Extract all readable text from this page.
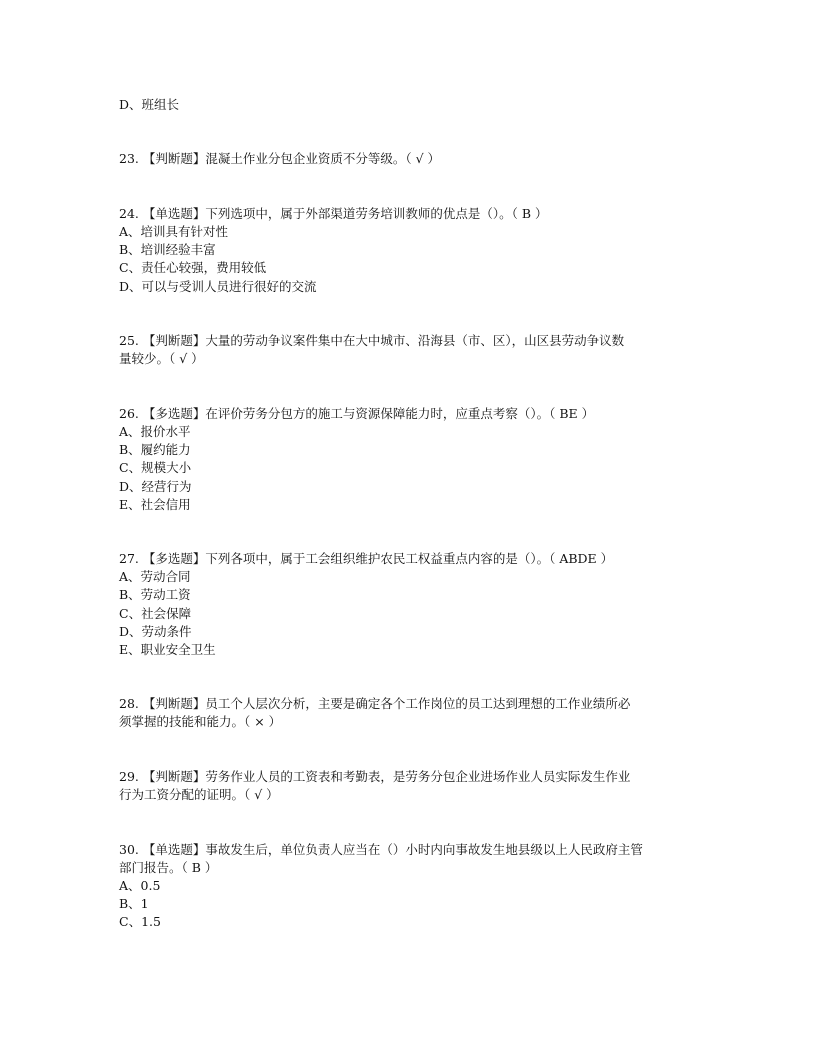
D、班组长
23. 【判断题】混凝土作业分包企业资质不分等级。（ √ ）
24. 【单选题】下列选项中，属于外部渠道劳务培训教师的优点是（）。（ B ）
A、培训具有针对性
B、培训经验丰富
C、责任心较强，费用较低
D、可以与受训人员进行很好的交流
25. 【判断题】大量的劳动争议案件集中在大中城市、沿海县（市、区），山区县劳动争议数
量较少。（ √ ）
26. 【多选题】在评价劳务分包方的施工与资源保障能力时，应重点考察（）。（ BE ）
A、报价水平
B、履约能力
C、规模大小
D、经营行为
E、社会信用
27. 【多选题】下列各项中，属于工会组织维护农民工权益重点内容的是（）。（ ABDE ）
A、劳动合同
B、劳动工资
C、社会保障
D、劳动条件
E、职业安全卫生
28. 【判断题】员工个人层次分析，主要是确定各个工作岗位的员工达到理想的工作业绩所必
须掌握的技能和能力。（ × ）
29. 【判断题】劳务作业人员的工资表和考勤表，是劳务分包企业进场作业人员实际发生作业
行为工资分配的证明。（ √ ）
30. 【单选题】事故发生后，单位负责人应当在（）小时内向事故发生地县级以上人民政府主管
部门报告。（ B ）
A、0.5
B、1
C、1.5
